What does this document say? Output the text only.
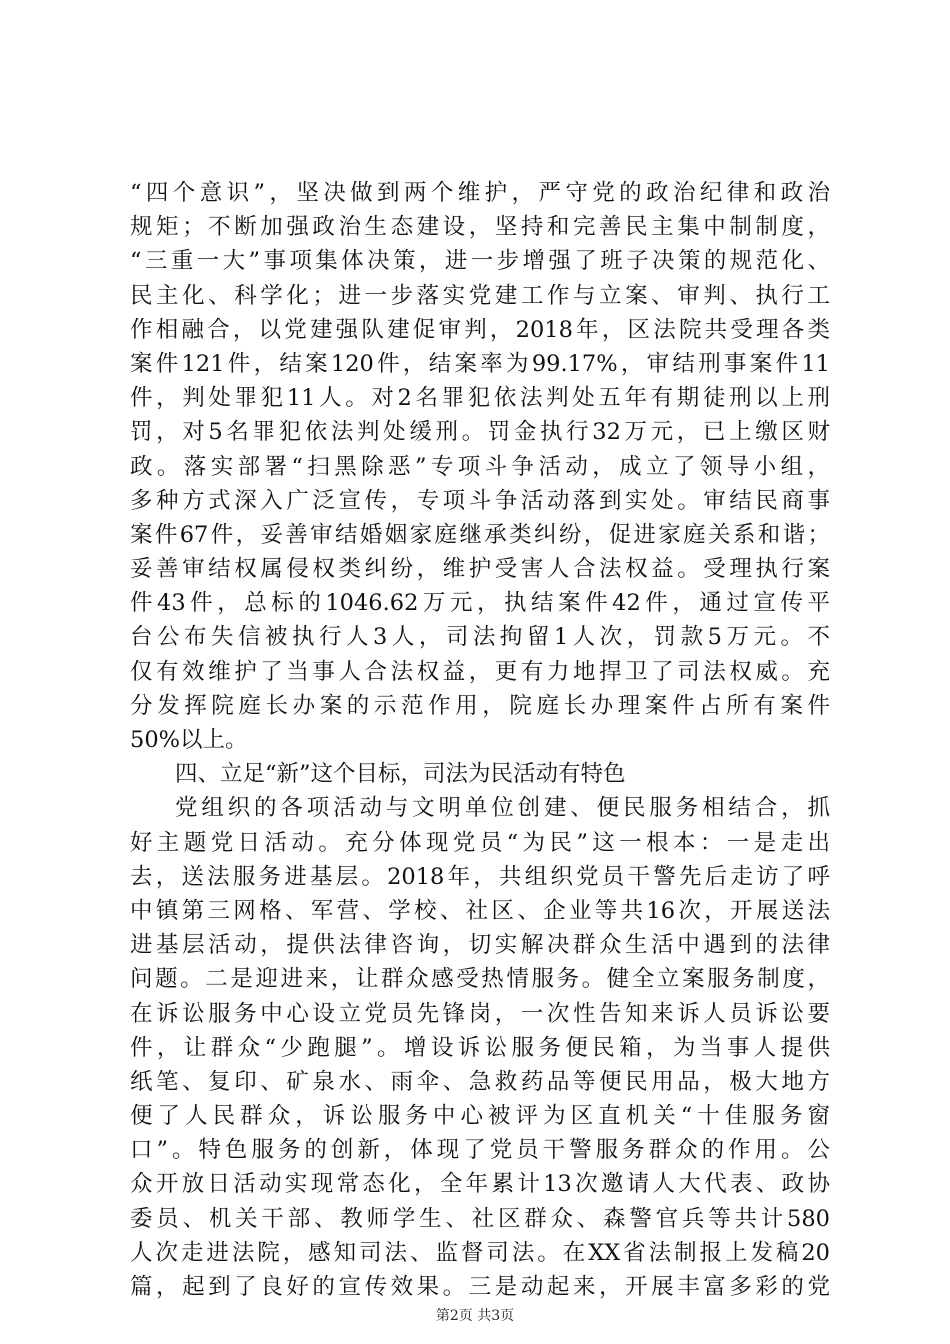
“四个意识”，坚决做到两个维护，严守党的政治纪律和政治
规矩；不断加强政治生态建设，坚持和完善民主集中制制度，
“三重一大”事项集体决策，进一步增强了班子决策的规范化、
民主化、科学化；进一步落实党建工作与立案、审判、执行工
作相融合，以党建强队建促审判，2018年，区法院共受理各类
案件121件，结案120件，结案率为99.17%，审结刑事案件11
件，判处罪犯11人。对2名罪犯依法判处五年有期徒刑以上刑
罚，对5名罪犯依法判处缓刑。罚金执行32万元，已上缴区财
政。落实部署“扫黑除恶”专项斗争活动，成立了领导小组，
多种方式深入广泛宣传，专项斗争活动落到实处。审结民商事
案件67件，妥善审结婚姻家庭继承类纠纷，促进家庭关系和谐；
妥善审结权属侵权类纠纷，维护受害人合法权益。受理执行案
件43件，总标的1046.62万元，执结案件42件，通过宣传平
台公布失信被执行人3人，司法拘留1人次，罚款5万元。不
仅有效维护了当事人合法权益，更有力地捍卫了司法权威。充
分发挥院庭长办案的示范作用，院庭长办理案件占所有案件
50%以上。
四、立足“新”这个目标，司法为民活动有特色
党组织的各项活动与文明单位创建、便民服务相结合，抓
好主题党日活动。充分体现党员“为民”这一根本：一是走出
去，送法服务进基层。2018年，共组织党员干警先后走访了呼
中镇第三网格、军营、学校、社区、企业等共16次，开展送法
进基层活动，提供法律咨询，切实解决群众生活中遇到的法律
问题。二是迎进来，让群众感受热情服务。健全立案服务制度，
在诉讼服务中心设立党员先锋岗，一次性告知来诉人员诉讼要
件，让群众“少跑腿”。增设诉讼服务便民箱，为当事人提供
纸笔、复印、矿泉水、雨伞、急救药品等便民用品，极大地方
便了人民群众，诉讼服务中心被评为区直机关“十佳服务窗
口”。特色服务的创新，体现了党员干警服务群众的作用。公
众开放日活动实现常态化，全年累计13次邀请人大代表、政协
委员、机关干部、教师学生、社区群众、森警官兵等共计580
人次走进法院，感知司法、监督司法。在XX省法制报上发稿20
篇，起到了良好的宣传效果。三是动起来，开展丰富多彩的党
第2页 共3页
